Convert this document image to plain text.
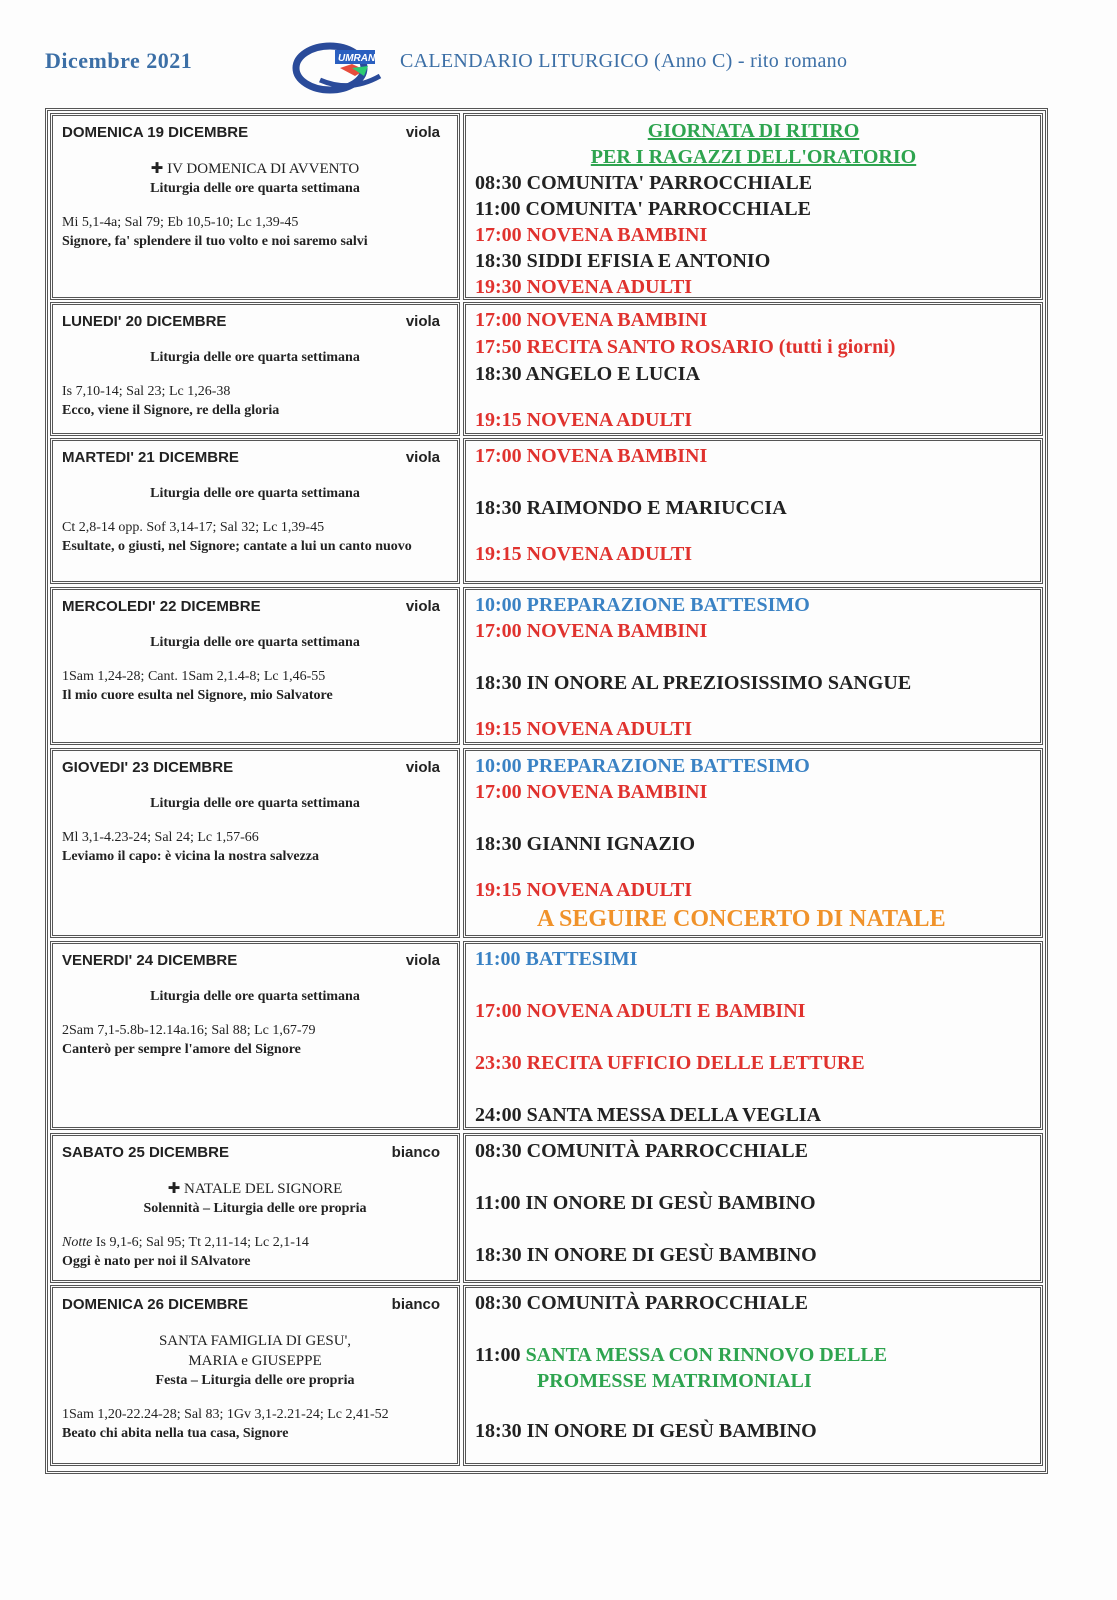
Dicembre 2021	UMRAN CALENDARIO LITURGICO (Anno C) - rito romano
DOMENICA 19 DICEMBRE	viola
✚ IV DOMENICA DI AVVENTO
Liturgia delle ore quarta settimana
Mi 5,1-4a; Sal 79; Eb 10,5-10; Lc 1,39-45
Signore, fa' splendere il tuo volto e noi saremo salvi
GIORNATA DI RITIRO
PER I RAGAZZI DELL'ORATORIO
08:30 COMUNITA' PARROCCHIALE
11:00 COMUNITA' PARROCCHIALE
17:00 NOVENA BAMBINI
18:30 SIDDI EFISIA E ANTONIO
19:30 NOVENA ADULTI
LUNEDI' 20 DICEMBRE	viola
Liturgia delle ore quarta settimana
Is 7,10-14; Sal 23; Lc 1,26-38
Ecco, viene il Signore, re della gloria
17:00 NOVENA BAMBINI
17:50 RECITA SANTO ROSARIO (tutti i giorni)
18:30 ANGELO E LUCIA
19:15 NOVENA ADULTI
MARTEDI' 21 DICEMBRE	viola
Liturgia delle ore quarta settimana
Ct 2,8-14 opp. Sof 3,14-17; Sal 32; Lc 1,39-45
Esultate, o giusti, nel Signore; cantate a lui un canto nuovo
17:00 NOVENA BAMBINI
18:30 RAIMONDO E MARIUCCIA
19:15 NOVENA ADULTI
MERCOLEDI' 22 DICEMBRE	viola
Liturgia delle ore quarta settimana
1Sam 1,24-28; Cant. 1Sam 2,1.4-8; Lc 1,46-55
Il mio cuore esulta nel Signore, mio Salvatore
10:00 PREPARAZIONE BATTESIMO
17:00 NOVENA BAMBINI
18:30 IN ONORE AL PREZIOSISSIMO SANGUE
19:15 NOVENA ADULTI
GIOVEDI' 23 DICEMBRE	viola
Liturgia delle ore quarta settimana
Ml 3,1-4.23-24; Sal 24; Lc 1,57-66
Leviamo il capo: è vicina la nostra salvezza
10:00 PREPARAZIONE BATTESIMO
17:00 NOVENA BAMBINI
18:30 GIANNI IGNAZIO
19:15 NOVENA ADULTI
A SEGUIRE CONCERTO DI NATALE
VENERDI' 24 DICEMBRE	viola
Liturgia delle ore quarta settimana
2Sam 7,1-5.8b-12.14a.16; Sal 88; Lc 1,67-79
Canterò per sempre l'amore del Signore
11:00 BATTESIMI
17:00 NOVENA ADULTI E BAMBINI
23:30 RECITA UFFICIO DELLE LETTURE
24:00 SANTA MESSA DELLA VEGLIA
SABATO 25 DICEMBRE	bianco
✚ NATALE DEL SIGNORE
Solennità – Liturgia delle ore propria
Notte Is 9,1-6; Sal 95; Tt 2,11-14; Lc 2,1-14
Oggi è nato per noi il SAlvatore
08:30 COMUNITÀ PARROCCHIALE
11:00 IN ONORE DI GESÙ BAMBINO
18:30 IN ONORE DI GESÙ BAMBINO
DOMENICA 26 DICEMBRE	bianco
SANTA FAMIGLIA DI GESU',
MARIA e GIUSEPPE
Festa – Liturgia delle ore propria
1Sam 1,20-22.24-28; Sal 83; 1Gv 3,1-2.21-24; Lc 2,41-52
Beato chi abita nella tua casa, Signore
08:30 COMUNITÀ PARROCCHIALE
11:00 SANTA MESSA CON RINNOVO DELLE
PROMESSE MATRIMONIALI
18:30 IN ONORE DI GESÙ BAMBINO
